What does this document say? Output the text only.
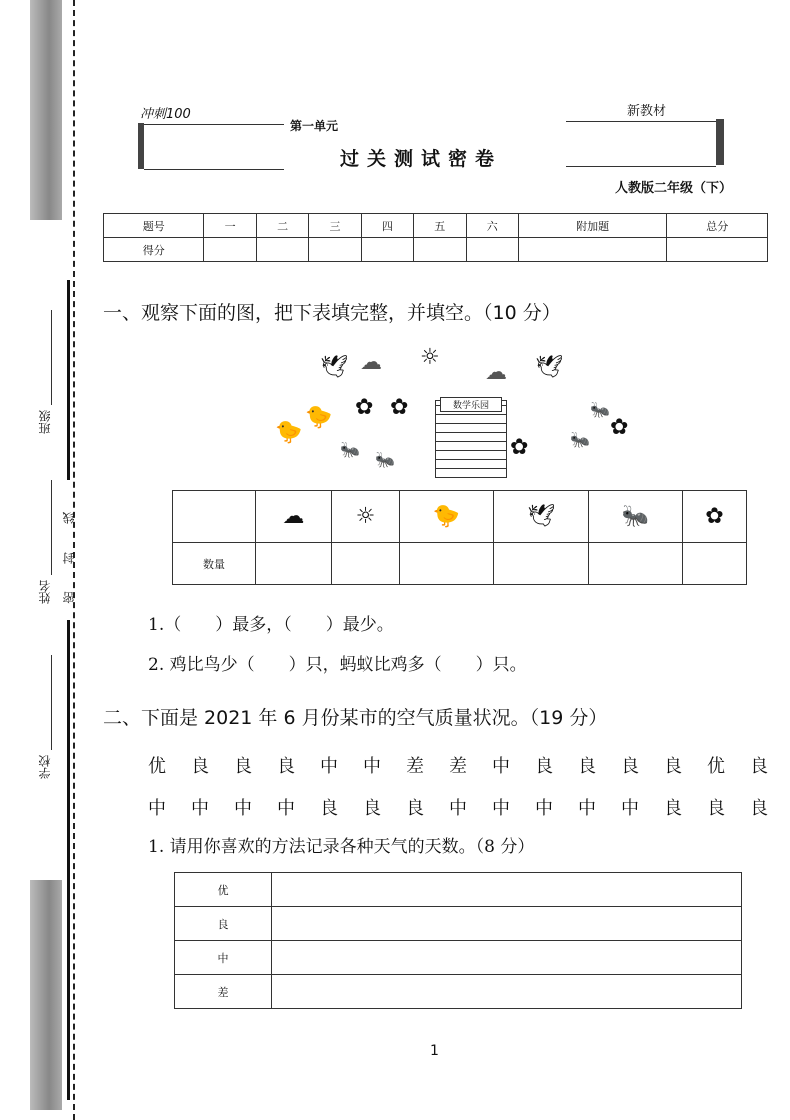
班级
姓名 密 封 线
学校
冲刺100
第一单元
过关测试密卷
新教材
人教版二年级（下）
题号	一	二	三	四	五	六	附加题	总分
得分								
一、观察下面的图，把下表填完整，并填空。（10 分）
☼
☁	☁
🕊	🕊
数学乐园
✿ ✿
✿
✿
🐤
🐤
🐜
🐜
🐜
🐜
	☁	☼	🐤	🕊	🐜	✿
数量						
1.（　　）最多，（　　）最少。
2. 鸡比鸟少（　　）只，蚂蚁比鸡多（　　）只。
二、下面是 2021 年 6 月份某市的空气质量状况。（19 分）
优 良 良 良 中 中 差 差 中 良 良 良 良 优 良
中 中 中 中 良 良 良 中 中 中 中 中 良 良 良
1. 请用你喜欢的方法记录各种天气的天数。（8 分）
优	
良	
中	
差	
1
